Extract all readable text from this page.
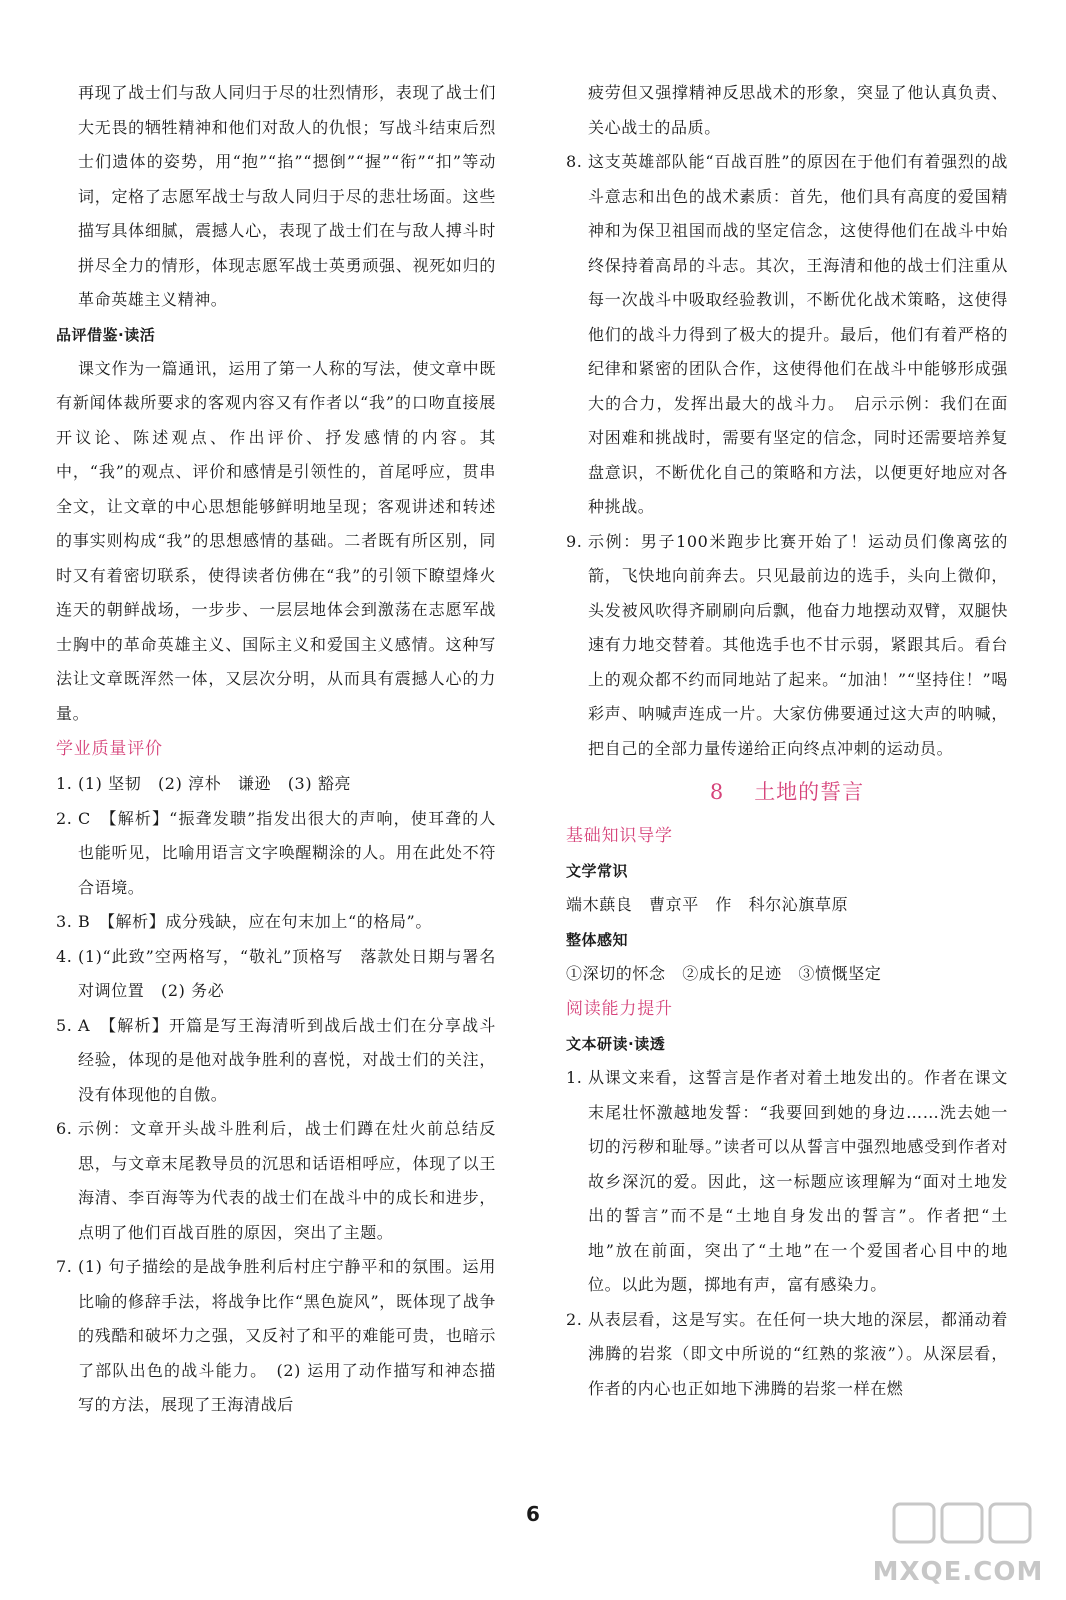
再现了战士们与敌人同归于尽的壮烈情形，表现了战士们大无畏的牺牲精神和他们对敌人的仇恨；写战斗结束后烈士们遗体的姿势，用“抱”“掐”“摁倒”“握”“衔”“扣”等动词，定格了志愿军战士与敌人同归于尽的悲壮场面。这些描写具体细腻，震撼人心，表现了战士们在与敌人搏斗时拼尽全力的情形，体现志愿军战士英勇顽强、视死如归的革命英雄主义精神。
品评借鉴·读活
课文作为一篇通讯，运用了第一人称的写法，使文章中既有新闻体裁所要求的客观内容又有作者以“我”的口吻直接展开议论、陈述观点、作出评价、抒发感情的内容。其中，“我”的观点、评价和感情是引领性的，首尾呼应，贯串全文，让文章的中心思想能够鲜明地呈现；客观讲述和转述的事实则构成“我”的思想感情的基础。二者既有所区别，同时又有着密切联系，使得读者仿佛在“我”的引领下瞭望烽火连天的朝鲜战场，一步步、一层层地体会到激荡在志愿军战士胸中的革命英雄主义、国际主义和爱国主义感情。这种写法让文章既浑然一体，又层次分明，从而具有震撼人心的力量。
学业质量评价
1. (1) 坚韧　(2) 淳朴　谦逊　(3) 豁亮
2. C　【解析】“振聋发聩”指发出很大的声响，使耳聋的人也能听见，比喻用语言文字唤醒糊涂的人。用在此处不符合语境。
3. B　【解析】成分残缺，应在句末加上“的格局”。
4. (1)“此致”空两格写，“敬礼”顶格写　落款处日期与署名对调位置　(2) 务必
5. A　【解析】开篇是写王海清听到战后战士们在分享战斗经验，体现的是他对战争胜利的喜悦，对战士们的关注，没有体现他的自傲。
6. 示例：文章开头战斗胜利后，战士们蹲在灶火前总结反思，与文章末尾教导员的沉思和话语相呼应，体现了以王海清、李百海等为代表的战士们在战斗中的成长和进步，点明了他们百战百胜的原因，突出了主题。
7. (1) 句子描绘的是战争胜利后村庄宁静平和的氛围。运用比喻的修辞手法，将战争比作“黑色旋风”，既体现了战争的残酷和破坏力之强，又反衬了和平的难能可贵，也暗示了部队出色的战斗能力。　(2) 运用了动作描写和神态描写的方法，展现了王海清战后
疲劳但又强撑精神反思战术的形象，突显了他认真负责、关心战士的品质。
8. 这支英雄部队能“百战百胜”的原因在于他们有着强烈的战斗意志和出色的战术素质：首先，他们具有高度的爱国精神和为保卫祖国而战的坚定信念，这使得他们在战斗中始终保持着高昂的斗志。其次，王海清和他的战士们注重从每一次战斗中吸取经验教训，不断优化战术策略，这使得他们的战斗力得到了极大的提升。最后，他们有着严格的纪律和紧密的团队合作，这使得他们在战斗中能够形成强大的合力，发挥出最大的战斗力。　启示示例：我们在面对困难和挑战时，需要有坚定的信念，同时还需要培养复盘意识，不断优化自己的策略和方法，以便更好地应对各种挑战。
9. 示例：男子100米跑步比赛开始了！运动员们像离弦的箭，飞快地向前奔去。只见最前边的选手，头向上微仰，头发被风吹得齐刷刷向后飘，他奋力地摆动双臂，双腿快速有力地交替着。其他选手也不甘示弱，紧跟其后。看台上的观众都不约而同地站了起来。“加油！”“坚持住！”喝彩声、呐喊声连成一片。大家仿佛要通过这大声的呐喊，把自己的全部力量传递给正向终点冲刺的运动员。
8 土地的誓言
基础知识导学
文学常识
端木蕻良　曹京平　作　科尔沁旗草原
整体感知
①深切的怀念　②成长的足迹　③愤慨坚定
阅读能力提升
文本研读·读透
1. 从课文来看，这誓言是作者对着土地发出的。作者在课文末尾壮怀激越地发誓：“我要回到她的身边……洗去她一切的污秽和耻辱。”读者可以从誓言中强烈地感受到作者对故乡深沉的爱。因此，这一标题应该理解为“面对土地发出的誓言”而不是“土地自身发出的誓言”。作者把“土地”放在前面，突出了“土地”在一个爱国者心目中的地位。以此为题，掷地有声，富有感染力。
2. 从表层看，这是写实。在任何一块大地的深层，都涌动着沸腾的岩浆（即文中所说的“红熟的浆液”）。从深层看，作者的内心也正如地下沸腾的岩浆一样在燃
6
MXQE.COM
